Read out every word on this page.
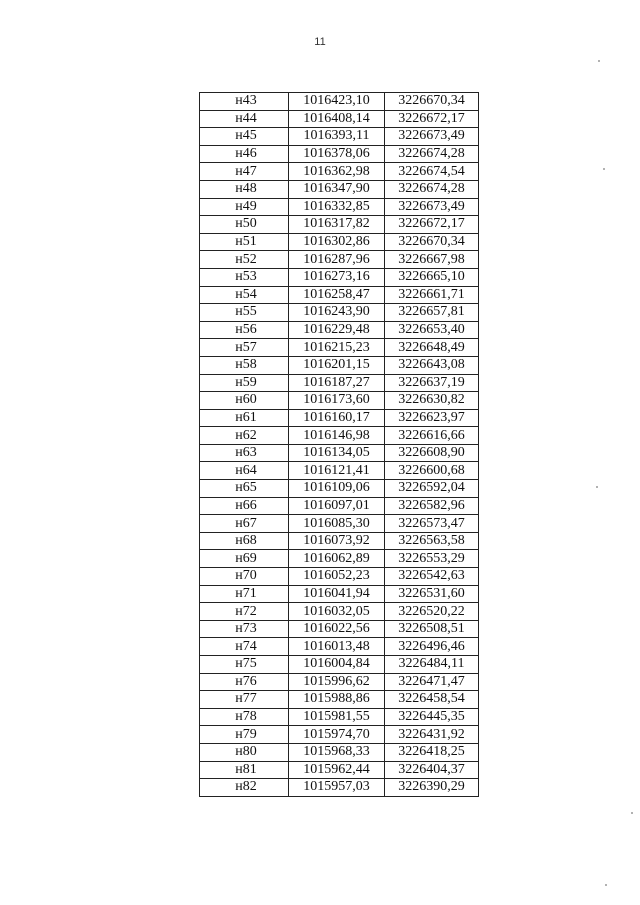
11
н43	1016423,10	3226670,34
н44	1016408,14	3226672,17
н45	1016393,11	3226673,49
н46	1016378,06	3226674,28
н47	1016362,98	3226674,54
н48	1016347,90	3226674,28
н49	1016332,85	3226673,49
н50	1016317,82	3226672,17
н51	1016302,86	3226670,34
н52	1016287,96	3226667,98
н53	1016273,16	3226665,10
н54	1016258,47	3226661,71
н55	1016243,90	3226657,81
н56	1016229,48	3226653,40
н57	1016215,23	3226648,49
н58	1016201,15	3226643,08
н59	1016187,27	3226637,19
н60	1016173,60	3226630,82
н61	1016160,17	3226623,97
н62	1016146,98	3226616,66
н63	1016134,05	3226608,90
н64	1016121,41	3226600,68
н65	1016109,06	3226592,04
н66	1016097,01	3226582,96
н67	1016085,30	3226573,47
н68	1016073,92	3226563,58
н69	1016062,89	3226553,29
н70	1016052,23	3226542,63
н71	1016041,94	3226531,60
н72	1016032,05	3226520,22
н73	1016022,56	3226508,51
н74	1016013,48	3226496,46
н75	1016004,84	3226484,11
н76	1015996,62	3226471,47
н77	1015988,86	3226458,54
н78	1015981,55	3226445,35
н79	1015974,70	3226431,92
н80	1015968,33	3226418,25
н81	1015962,44	3226404,37
н82	1015957,03	3226390,29
